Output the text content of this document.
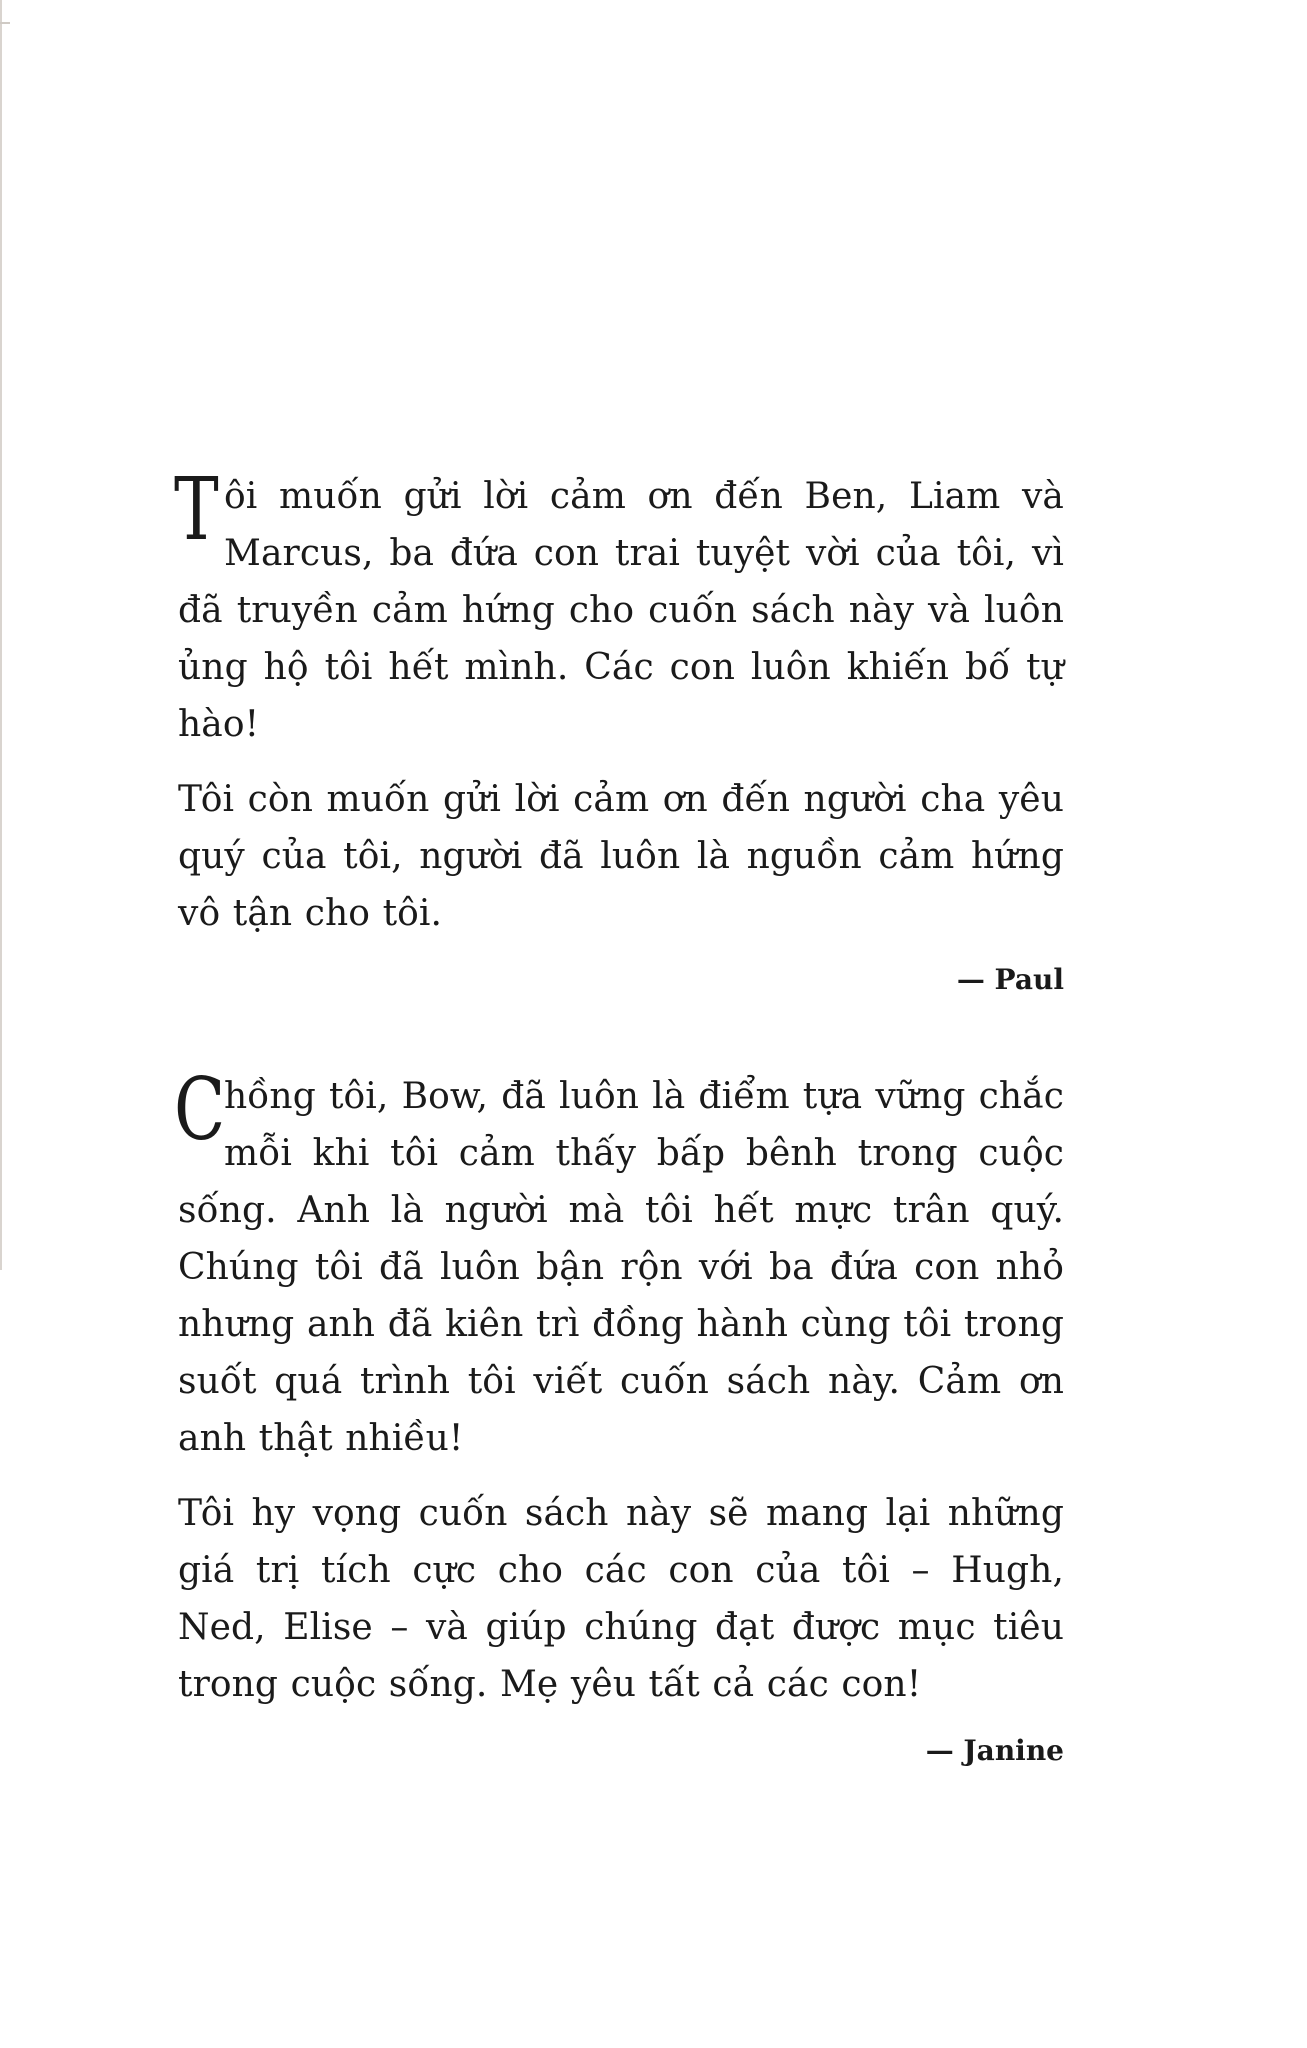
Tôi muốn gửi lời cảm ơn đến Ben, Liam và Marcus, ba đứa con trai tuyệt vời của tôi, vì đã truyền cảm hứng cho cuốn sách này và luôn ủng hộ tôi hết mình. Các con luôn khiến bố tự hào!

Tôi còn muốn gửi lời cảm ơn đến người cha yêu quý của tôi, người đã luôn là nguồn cảm hứng vô tận cho tôi.

— Paul

C
hồng tôi, Bow, đã luôn là điểm tựa vững chắc mỗi khi tôi cảm thấy bấp bênh trong cuộc sống. Anh là người mà tôi hết mực trân quý. Chúng tôi đã luôn bận rộn với ba đứa con nhỏ nhưng anh đã kiên trì đồng hành cùng tôi trong suốt quá trình tôi viết cuốn sách này. Cảm ơn anh thật nhiều!

Tôi hy vọng cuốn sách này sẽ mang lại những giá trị tích cực cho các con của tôi – Hugh, Ned, Elise – và giúp chúng đạt được mục tiêu trong cuộc sống. Mẹ yêu tất cả các con!

— Janine
